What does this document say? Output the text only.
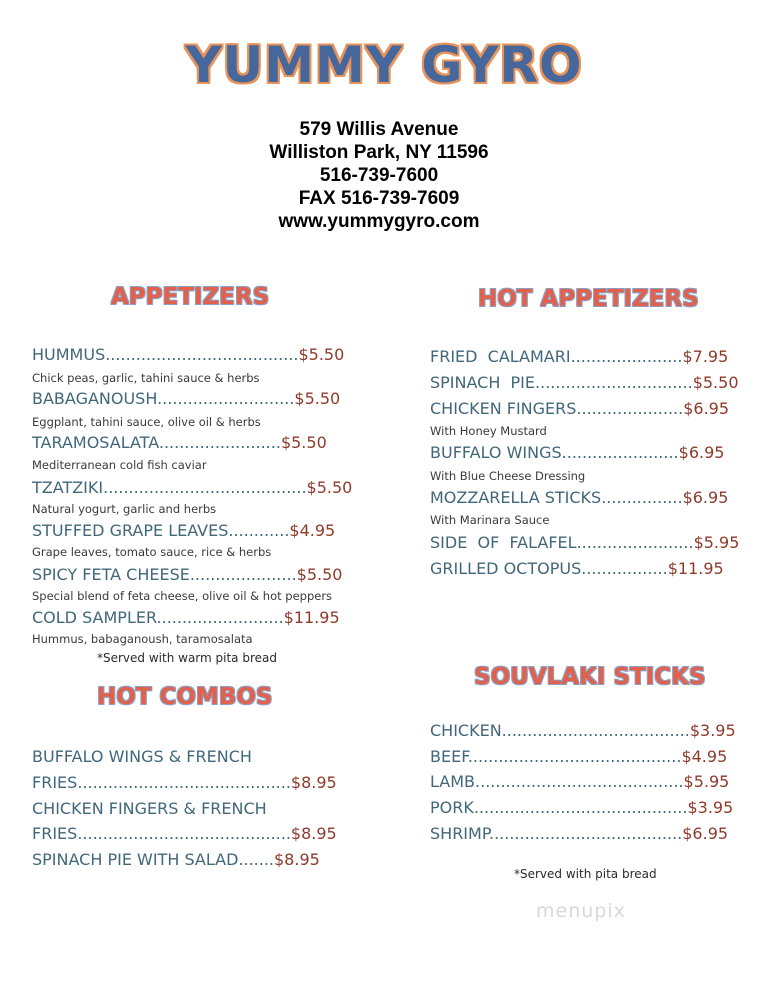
YUMMY GYRO
579 Willis Avenue
Williston Park, NY 11596
516-739-7600
FAX 516-739-7609
www.yummygyro.com
APPETIZERS
HUMMUS......................................$5.50
Chick peas, garlic, tahini sauce & herbs
BABAGANOUSH...........................$5.50
Eggplant, tahini sauce, olive oil & herbs
TARAMOSALATA........................$5.50
Mediterranean cold fish caviar
TZATZIKI........................................$5.50
Natural yogurt, garlic and herbs
STUFFED GRAPE LEAVES............$4.95
Grape leaves, tomato sauce, rice & herbs
SPICY FETA CHEESE.....................$5.50
Special blend of feta cheese, olive oil & hot peppers
COLD SAMPLER.........................$11.95
Hummus, babaganoush, taramosalata
*Served with warm pita bread
HOT COMBOS
BUFFALO WINGS & FRENCH
FRIES..........................................$8.95
CHICKEN FINGERS & FRENCH
FRIES..........................................$8.95
SPINACH PIE WITH SALAD.......$8.95
HOT APPETIZERS
FRIED  CALAMARI......................$7.95
SPINACH  PIE...............................$5.50
CHICKEN FINGERS.....................$6.95
With Honey Mustard
BUFFALO WINGS.......................$6.95
With Blue Cheese Dressing
MOZZARELLA STICKS................$6.95
With Marinara Sauce
SIDE  OF  FALAFEL.......................$5.95
GRILLED OCTOPUS.................$11.95
SOUVLAKI STICKS
CHICKEN.....................................$3.95
BEEF..........................................$4.95
LAMB.........................................$5.95
PORK..........................................$3.95
SHRIMP......................................$6.95
*Served with pita bread
menupix
